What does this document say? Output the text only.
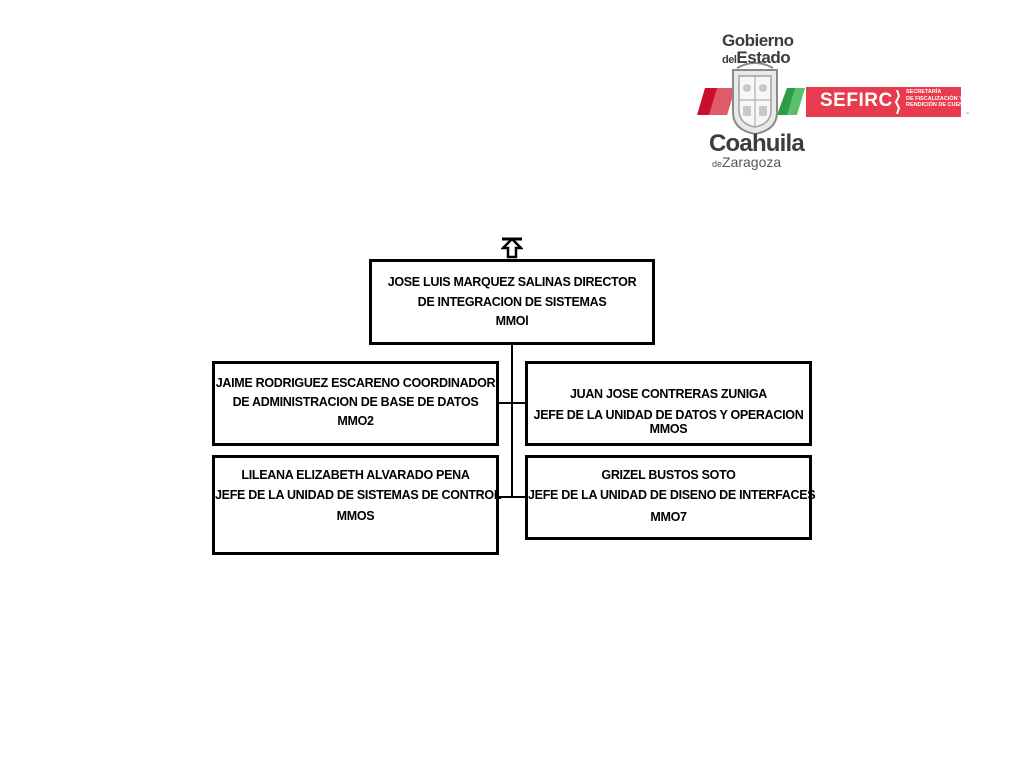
Gobierno
delEstado
Coahuila
deZaragoza
SEFIRC SECRETARÍA
DE FISCALIZACIÓN Y
RENDICIÓN DE CUENTAS
-
JOSE LUIS MARQUEZ SALINAS DIRECTOR
DE INTEGRACION DE SISTEMAS
MMOl
JAIME RODRIGUEZ ESCARENO COORDINADOR
DE ADMINISTRACION DE BASE DE DATOS
MMO2
JUAN JOSE CONTRERAS ZUNIGA
JEFE DE LA UNIDAD DE DATOS Y OPERACION
MMOS
LILEANA ELIZABETH ALVARADO PENA
JEFE DE LA UNIDAD DE SISTEMAS DE CONTROL
MMOS
GRIZEL BUSTOS SOTO
JEFE DE LA UNIDAD DE DISENO DE INTERFACES
MMO7
